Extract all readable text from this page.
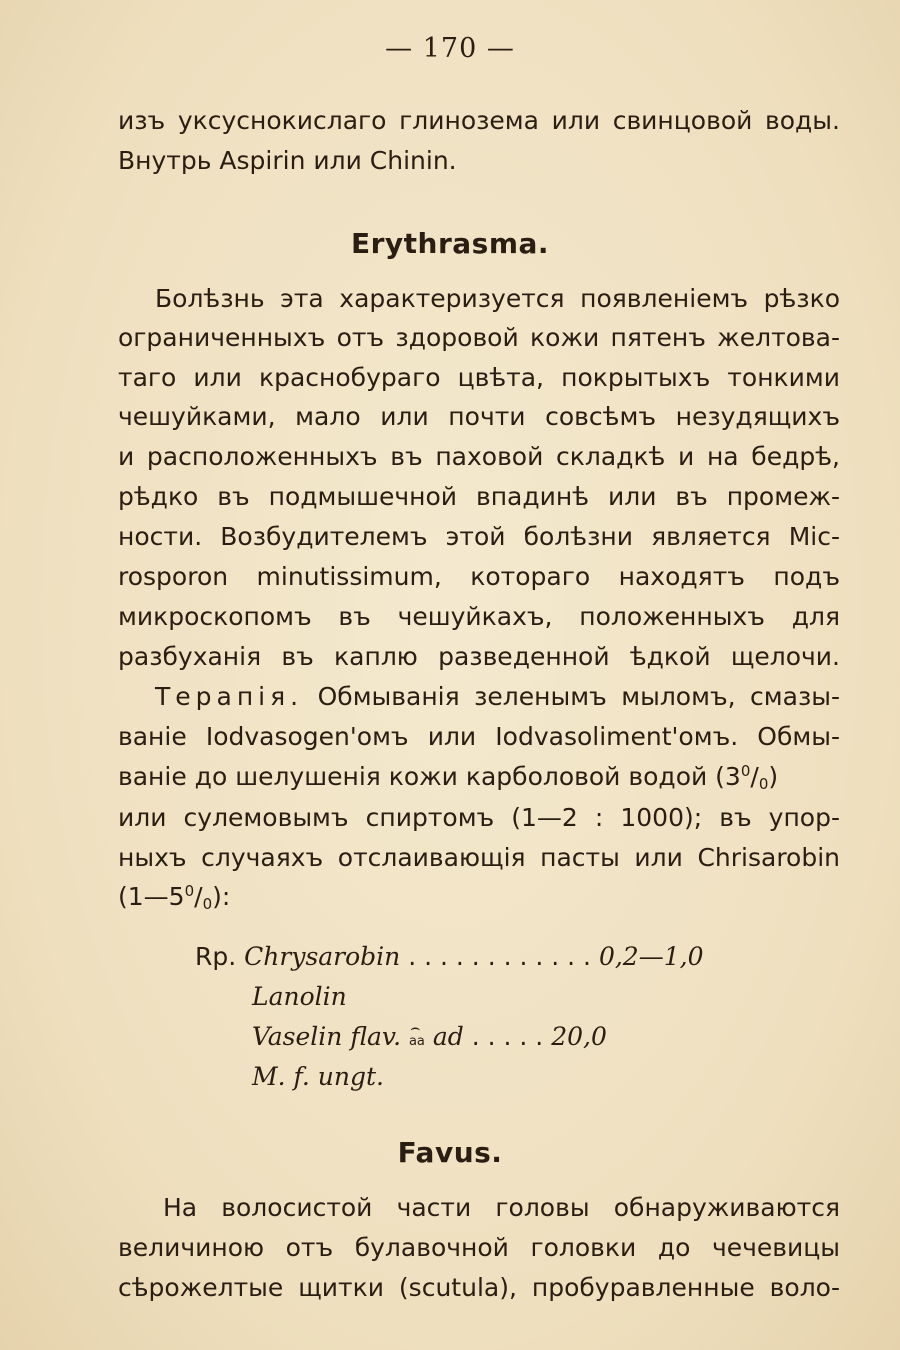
— 170 —
изъ уксуснокислаго глинозема или свинцовой воды.
Внутрь Aspirin или Chinin.
Erythrasma.
Болѣзнь эта характеризуется появленіемъ рѣзко
ограниченныхъ отъ здоровой кожи пятенъ желтова-
таго или краснобураго цвѣта, покрытыхъ тонкими
чешуйками, мало или почти совсѣмъ незудящихъ
и расположенныхъ въ паховой складкѣ и на бедрѣ,
рѣдко въ подмышечной впадинѣ или въ промеж-
ности. Возбудителемъ этой болѣзни является Mic-
rosporon minutissimum, котораго находятъ подъ
микроскопомъ въ чешуйкахъ, положенныхъ для
разбуханія въ каплю разведенной ѣдкой щелочи.
Терапія. Обмыванія зеленымъ мыломъ, смазы-
ваніе Iodvasogen'омъ или Iodvasoliment'омъ. Обмы-
ваніе до шелушенія кожи карболовой водой $(3^0/_0)$
или сулемовымъ спиртомъ (1—2 : 1000); въ упор-
ныхъ случаяхъ отслаивающія пасты или Chrisarobin
$(1—5^0/_0)$:
Rp. Chrysarobin . . . . . . . . . . . . 0,2—1,0
Lanolin
Vaselin flav. ⌢ aa ad . . . . . 20,0
M. f. ungt.
Favus.
На волосистой части головы обнаруживаются
величиною отъ булавочной головки до чечевицы
сѣрожелтые щитки (scutula), пробуравленные воло-
